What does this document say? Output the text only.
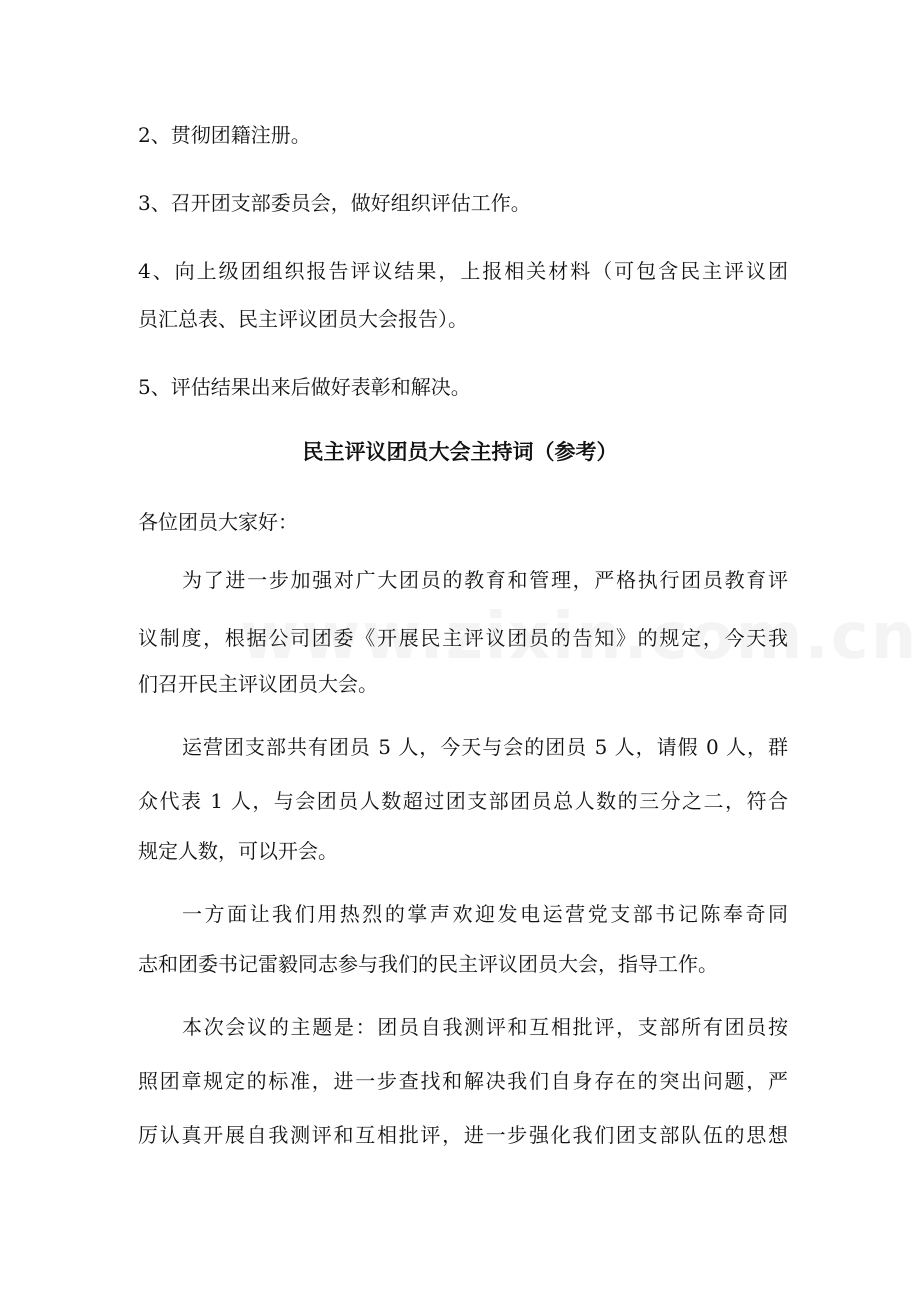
2、贯彻团籍注册。
3、召开团支部委员会，做好组织评估工作。
4、向上级团组织报告评议结果，上报相关材料（可包含民主评议团
员汇总表、民主评议团员大会报告）。
5、评估结果出来后做好表彰和解决。
民主评议团员大会主持词（参考）
各位团员大家好：
为了进一步加强对广大团员的教育和管理，严格执行团员教育评
议制度，根据公司团委《开展民主评议团员的告知》的规定，今天我
们召开民主评议团员大会。
运营团支部共有团员 5 人，今天与会的团员 5 人，请假 0 人，群
众代表 1 人，与会团员人数超过团支部团员总人数的三分之二，符合
规定人数，可以开会。
一方面让我们用热烈的掌声欢迎发电运营党支部书记陈奉奇同
志和团委书记雷毅同志参与我们的民主评议团员大会，指导工作。
本次会议的主题是：团员自我测评和互相批评，支部所有团员按
照团章规定的标准，进一步查找和解决我们自身存在的突出问题，严
厉认真开展自我测评和互相批评，进一步强化我们团支部队伍的思想
